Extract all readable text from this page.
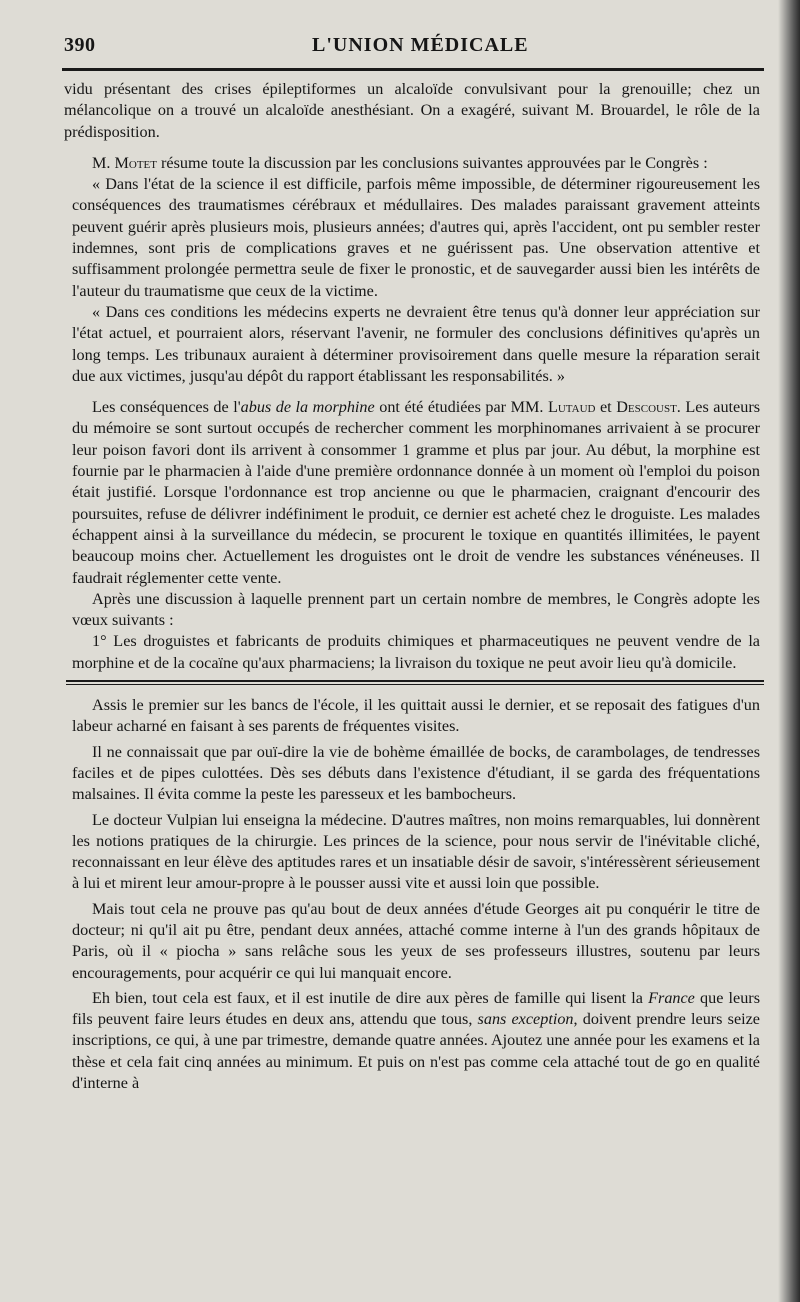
390	L'UNION MÉDICALE

vidu présentant des crises épileptiformes un alcaloïde convulsivant pour la grenouille; chez un mélancolique on a trouvé un alcaloïde anesthésiant. On a exagéré, suivant M. Brouardel, le rôle de la prédisposition.

M. Motet résume toute la discussion par les conclusions suivantes approuvées par le Congrès :

« Dans l'état de la science il est difficile, parfois même impossible, de déterminer rigoureusement les conséquences des traumatismes cérébraux et médullaires. Des malades paraissant gravement atteints peuvent guérir après plusieurs mois, plusieurs années; d'autres qui, après l'accident, ont pu sembler rester indemnes, sont pris de complications graves et ne guérissent pas. Une observation attentive et suffisamment prolongée permettra seule de fixer le pronostic, et de sauvegarder aussi bien les intérêts de l'auteur du traumatisme que ceux de la victime.

« Dans ces conditions les médecins experts ne devraient être tenus qu'à donner leur appréciation sur l'état actuel, et pourraient alors, réservant l'avenir, ne formuler des conclusions définitives qu'après un long temps. Les tribunaux auraient à déterminer provisoirement dans quelle mesure la réparation serait due aux victimes, jusqu'au dépôt du rapport établissant les responsabilités. »

Les conséquences de l'abus de la morphine ont été étudiées par MM. Lutaud et Descoust. Les auteurs du mémoire se sont surtout occupés de rechercher comment les morphinomanes arrivaient à se procurer leur poison favori dont ils arrivent à consommer 1 gramme et plus par jour. Au début, la morphine est fournie par le pharmacien à l'aide d'une première ordonnance donnée à un moment où l'emploi du poison était justifié. Lorsque l'ordonnance est trop ancienne ou que le pharmacien, craignant d'encourir des poursuites, refuse de délivrer indéfiniment le produit, ce dernier est acheté chez le droguiste. Les malades échappent ainsi à la surveillance du médecin, se procurent le toxique en quantités illimitées, le payent beaucoup moins cher. Actuellement les droguistes ont le droit de vendre les substances vénéneuses. Il faudrait réglementer cette vente.

Après une discussion à laquelle prennent part un certain nombre de membres, le Congrès adopte les vœux suivants :

1° Les droguistes et fabricants de produits chimiques et pharmaceutiques ne peuvent vendre de la morphine et de la cocaïne qu'aux pharmaciens; la livraison du toxique ne peut avoir lieu qu'à domicile.

Assis le premier sur les bancs de l'école, il les quittait aussi le dernier, et se reposait des fatigues d'un labeur acharné en faisant à ses parents de fréquentes visites.

Il ne connaissait que par ouï-dire la vie de bohème émaillée de bocks, de carambolages, de tendresses faciles et de pipes culottées. Dès ses débuts dans l'existence d'étudiant, il se garda des fréquentations malsaines. Il évita comme la peste les paresseux et les bambocheurs.

Le docteur Vulpian lui enseigna la médecine. D'autres maîtres, non moins remarquables, lui donnèrent les notions pratiques de la chirurgie. Les princes de la science, pour nous servir de l'inévitable cliché, reconnaissant en leur élève des aptitudes rares et un insatiable désir de savoir, s'intéressèrent sérieusement à lui et mirent leur amour-propre à le pousser aussi vite et aussi loin que possible.

Mais tout cela ne prouve pas qu'au bout de deux années d'étude Georges ait pu conquérir le titre de docteur; ni qu'il ait pu être, pendant deux années, attaché comme interne à l'un des grands hôpitaux de Paris, où il « piocha » sans relâche sous les yeux de ses professeurs illustres, soutenu par leurs encouragements, pour acquérir ce qui lui manquait encore.

Eh bien, tout cela est faux, et il est inutile de dire aux pères de famille qui lisent la France que leurs fils peuvent faire leurs études en deux ans, attendu que tous, sans exception, doivent prendre leurs seize inscriptions, ce qui, à une par trimestre, demande quatre années. Ajoutez une année pour les examens et la thèse et cela fait cinq années au minimum. Et puis on n'est pas comme cela attaché tout de go en qualité d'interne à
